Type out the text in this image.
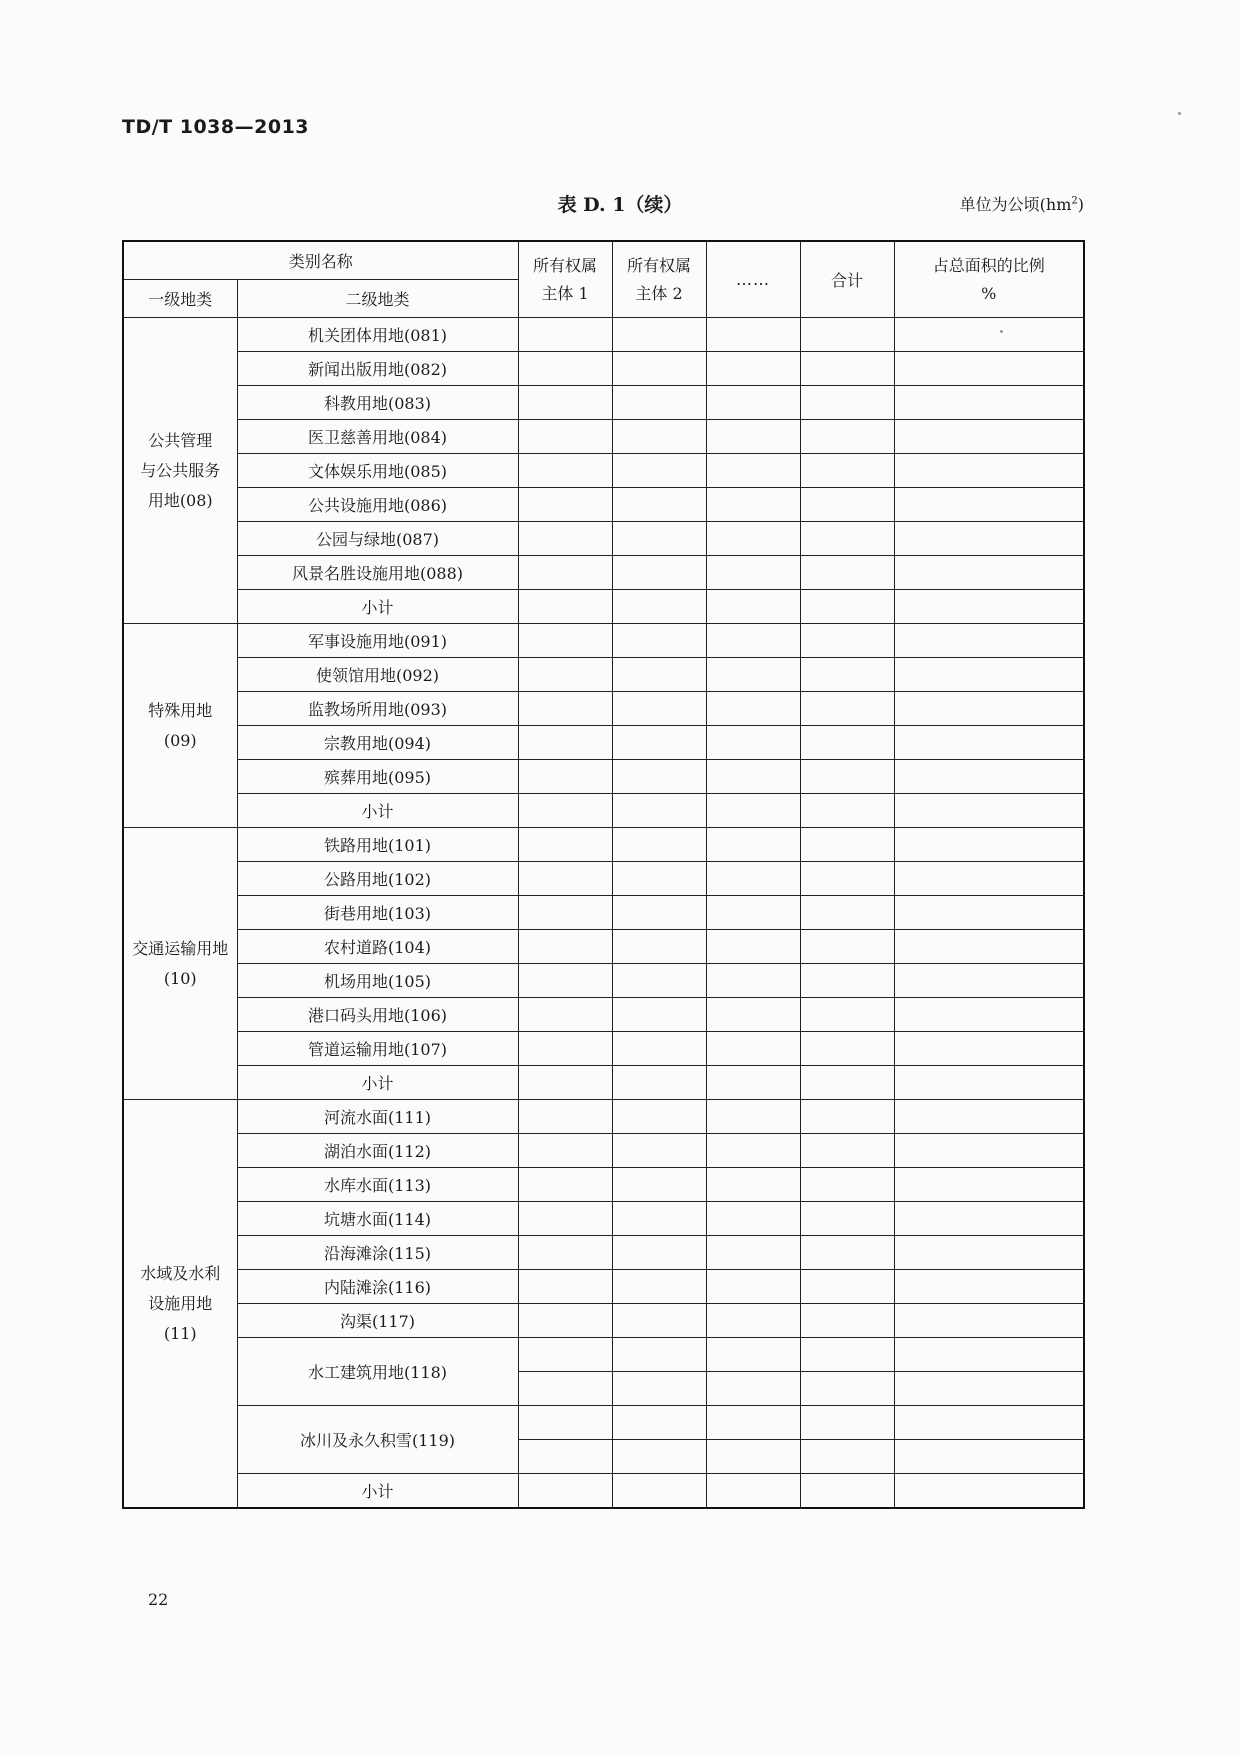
TD/T 1038—2013
表 D. 1（续）	单位为公顷$(hm^2)$
类别名称		所有权属主体 1	所有权属主体 2	……	合计	占总面积的比例 %
一级地类	二级地类					
公共管理
与公共服务
用地(08)	机关团体用地(081)					
	新闻出版用地(082)					
	科教用地(083)					
	医卫慈善用地(084)					
	文体娱乐用地(085)					
	公共设施用地(086)					
	公园与绿地(087)					
	风景名胜设施用地(088)					
	小计					
特殊用地
(09)	军事设施用地(091)					
	使领馆用地(092)					
	监教场所用地(093)					
	宗教用地(094)					
	殡葬用地(095)					
	小计					
交通运输用地
(10)	铁路用地(101)					
	公路用地(102)					
	街巷用地(103)					
	农村道路(104)					
	机场用地(105)					
	港口码头用地(106)					
	管道运输用地(107)					
	小计					
水域及水利
设施用地
(11)	河流水面(111)					
	湖泊水面(112)					
	水库水面(113)					
	坑塘水面(114)					
	沿海滩涂(115)					
	内陆滩涂(116)					
	沟渠(117)					
	水工建筑用地(118)					

	冰川及永久积雪(119)					

	小计					
22
